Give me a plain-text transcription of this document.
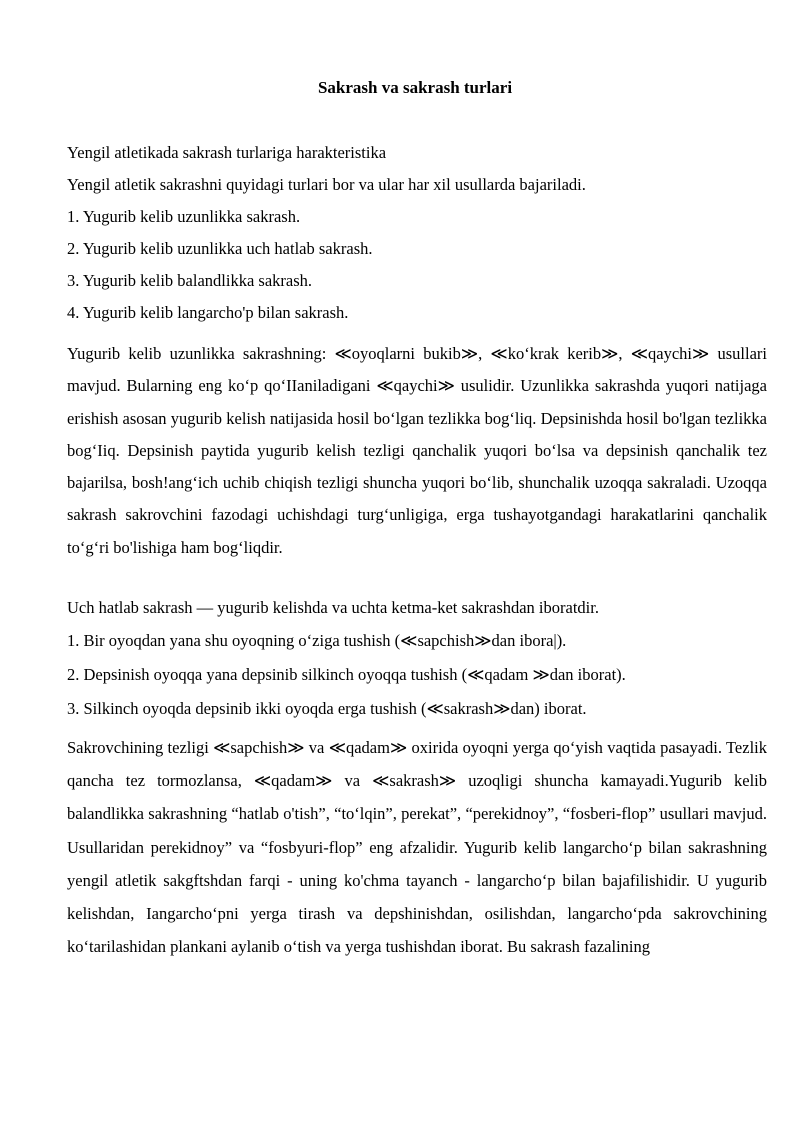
Sakrash va sakrash turlari
Yengil atletikada sakrash turlariga harakteristika
Yengil atletik sakrashni quyidagi turlari bor va ular har xil usullarda bajariladi.
1. Yugurib kelib uzunlikka sakrash.
2. Yugurib kelib uzunlikka uch hatlab sakrash.
3. Yugurib kelib balandlikka sakrash.
4. Yugurib kelib langarcho'p bilan sakrash.
Yugurib kelib uzunlikka sakrashning: ≪oyoqlarni bukib≫, ≪ko‘krak kerib≫, ≪qaychi≫ usullari mavjud. Bularning eng ko‘p qo‘IIaniladigani ≪qaychi≫ usulidir. Uzunlikka sakrashda yuqori natijaga erishish asosan yugurib kelish natijasida hosil bo‘lgan tezlikka bog‘liq. Depsinishda hosil bo'lgan tezlikka bog‘Iiq. Depsinish paytida yugurib kelish tezligi qanchalik yuqori bo‘lsa va depsinish qanchalik tez bajarilsa, bosh!ang‘ich uchib chiqish tezligi shuncha yuqori bo‘lib, shunchalik uzoqqa sakraladi. Uzoqqa sakrash sakrovchini fazodagi uchishdagi turg‘unligiga, erga tushayotgandagi harakatlarini qanchalik to‘g‘ri bo'lishiga ham bog‘liqdir.
Uch hatlab sakrash — yugurib kelishda va uchta ketma-ket sakrashdan iboratdir.
1. Bir oyoqdan yana shu oyoqning o‘ziga tushish (≪sapchish≫dan ibora|).
2. Depsinish oyoqqa yana depsinib silkinch oyoqqa tushish (≪qadam ≫dan iborat).
3. Silkinch oyoqda depsinib ikki oyoqda erga tushish (≪sakrash≫dan) iborat.
Sakrovchining tezligi ≪sapchish≫ va ≪qadam≫ oxirida oyoqni yerga qo‘yish vaqtida pasayadi. Tezlik qancha tez tormozlansa, ≪qadam≫ va ≪sakrash≫ uzoqligi shuncha kamayadi.Yugurib kelib balandlikka sakrashning “hatlab o'tish”, “to‘lqin”, perekat”, “perekidnoy”, “fosberi-flop” usullari mavjud. Usullaridan perekidnoy” va “fosbyuri-flop” eng afzalidir. Yugurib kelib langarcho‘p bilan sakrashning yengil atletik sakgftshdan farqi - uning ko'chma tayanch - langarcho‘p bilan bajafilishidir. U yugurib kelishdan, Iangarcho‘pni yerga tirash va depshinishdan, osilishdan, langarcho‘pda sakrovchining ko‘tarilashidan plankani aylanib o‘tish va yerga tushishdan iborat. Bu sakrash fazalining
